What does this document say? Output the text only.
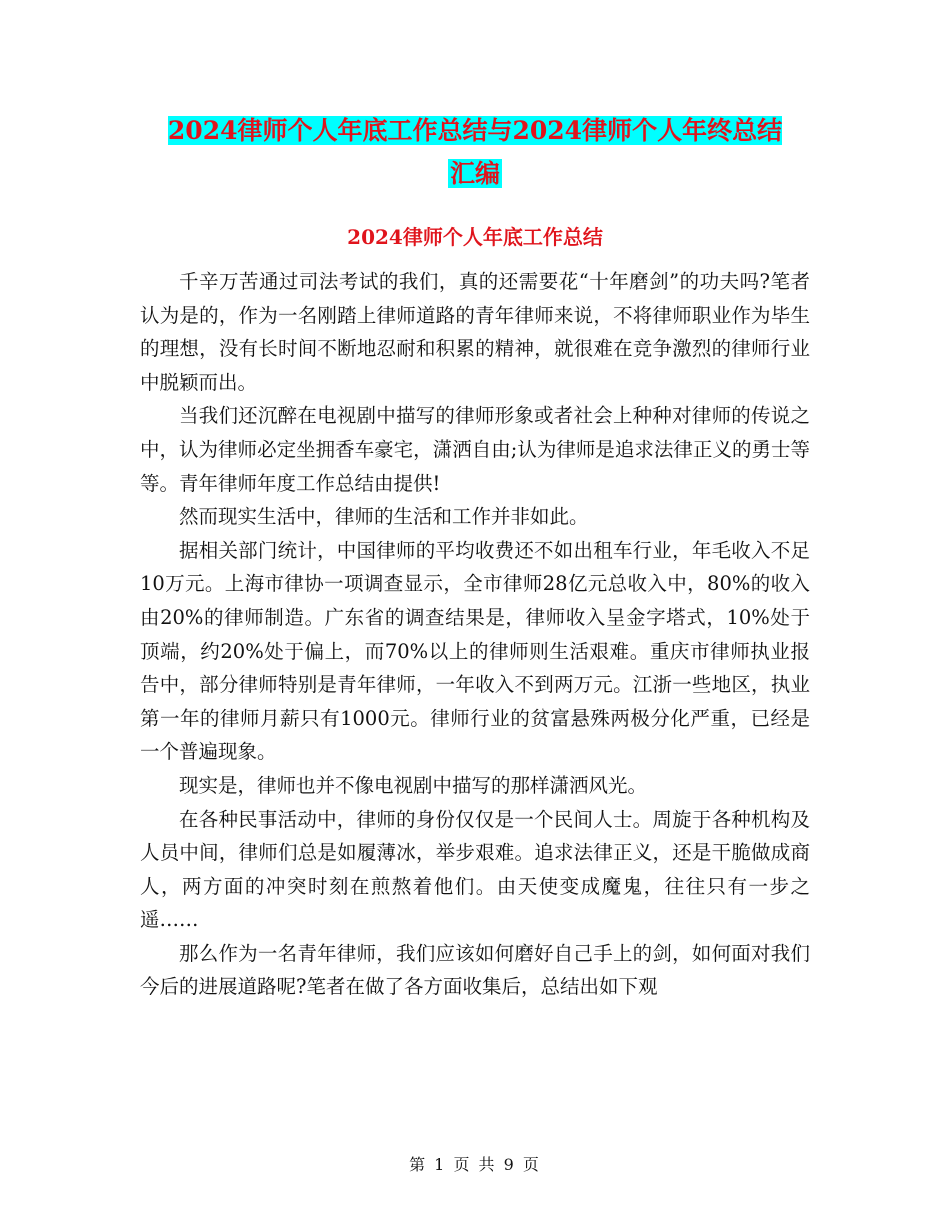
2024律师个人年底工作总结与2024律师个人年终总结
汇编
2024律师个人年底工作总结

千辛万苦通过司法考试的我们，真的还需要花“十年磨剑”的功夫吗?笔者认为是的，作为一名刚踏上律师道路的青年律师来说，不将律师职业作为毕生的理想，没有长时间不断地忍耐和积累的精神，就很难在竞争激烈的律师行业中脱颖而出。

当我们还沉醉在电视剧中描写的律师形象或者社会上种种对律师的传说之中，认为律师必定坐拥香车豪宅，潇洒自由;认为律师是追求法律正义的勇士等等。青年律师年度工作总结由提供!

然而现实生活中，律师的生活和工作并非如此。

据相关部门统计，中国律师的平均收费还不如出租车行业，年毛收入不足10万元。上海市律协一项调查显示，全市律师28亿元总收入中，80%的收入由20%的律师制造。广东省的调查结果是，律师收入呈金字塔式，10%处于顶端，约20%处于偏上，而70%以上的律师则生活艰难。重庆市律师执业报告中，部分律师特别是青年律师，一年收入不到两万元。江浙一些地区，执业第一年的律师月薪只有1000元。律师行业的贫富悬殊两极分化严重，已经是一个普遍现象。

现实是，律师也并不像电视剧中描写的那样潇洒风光。

在各种民事活动中，律师的身份仅仅是一个民间人士。周旋于各种机构及人员中间，律师们总是如履薄冰，举步艰难。追求法律正义，还是干脆做成商人，两方面的冲突时刻在煎熬着他们。由天使变成魔鬼，往往只有一步之遥……

那么作为一名青年律师，我们应该如何磨好自己手上的剑，如何面对我们今后的进展道路呢?笔者在做了各方面收集后，总结出如下观

第 1 页 共 9 页
